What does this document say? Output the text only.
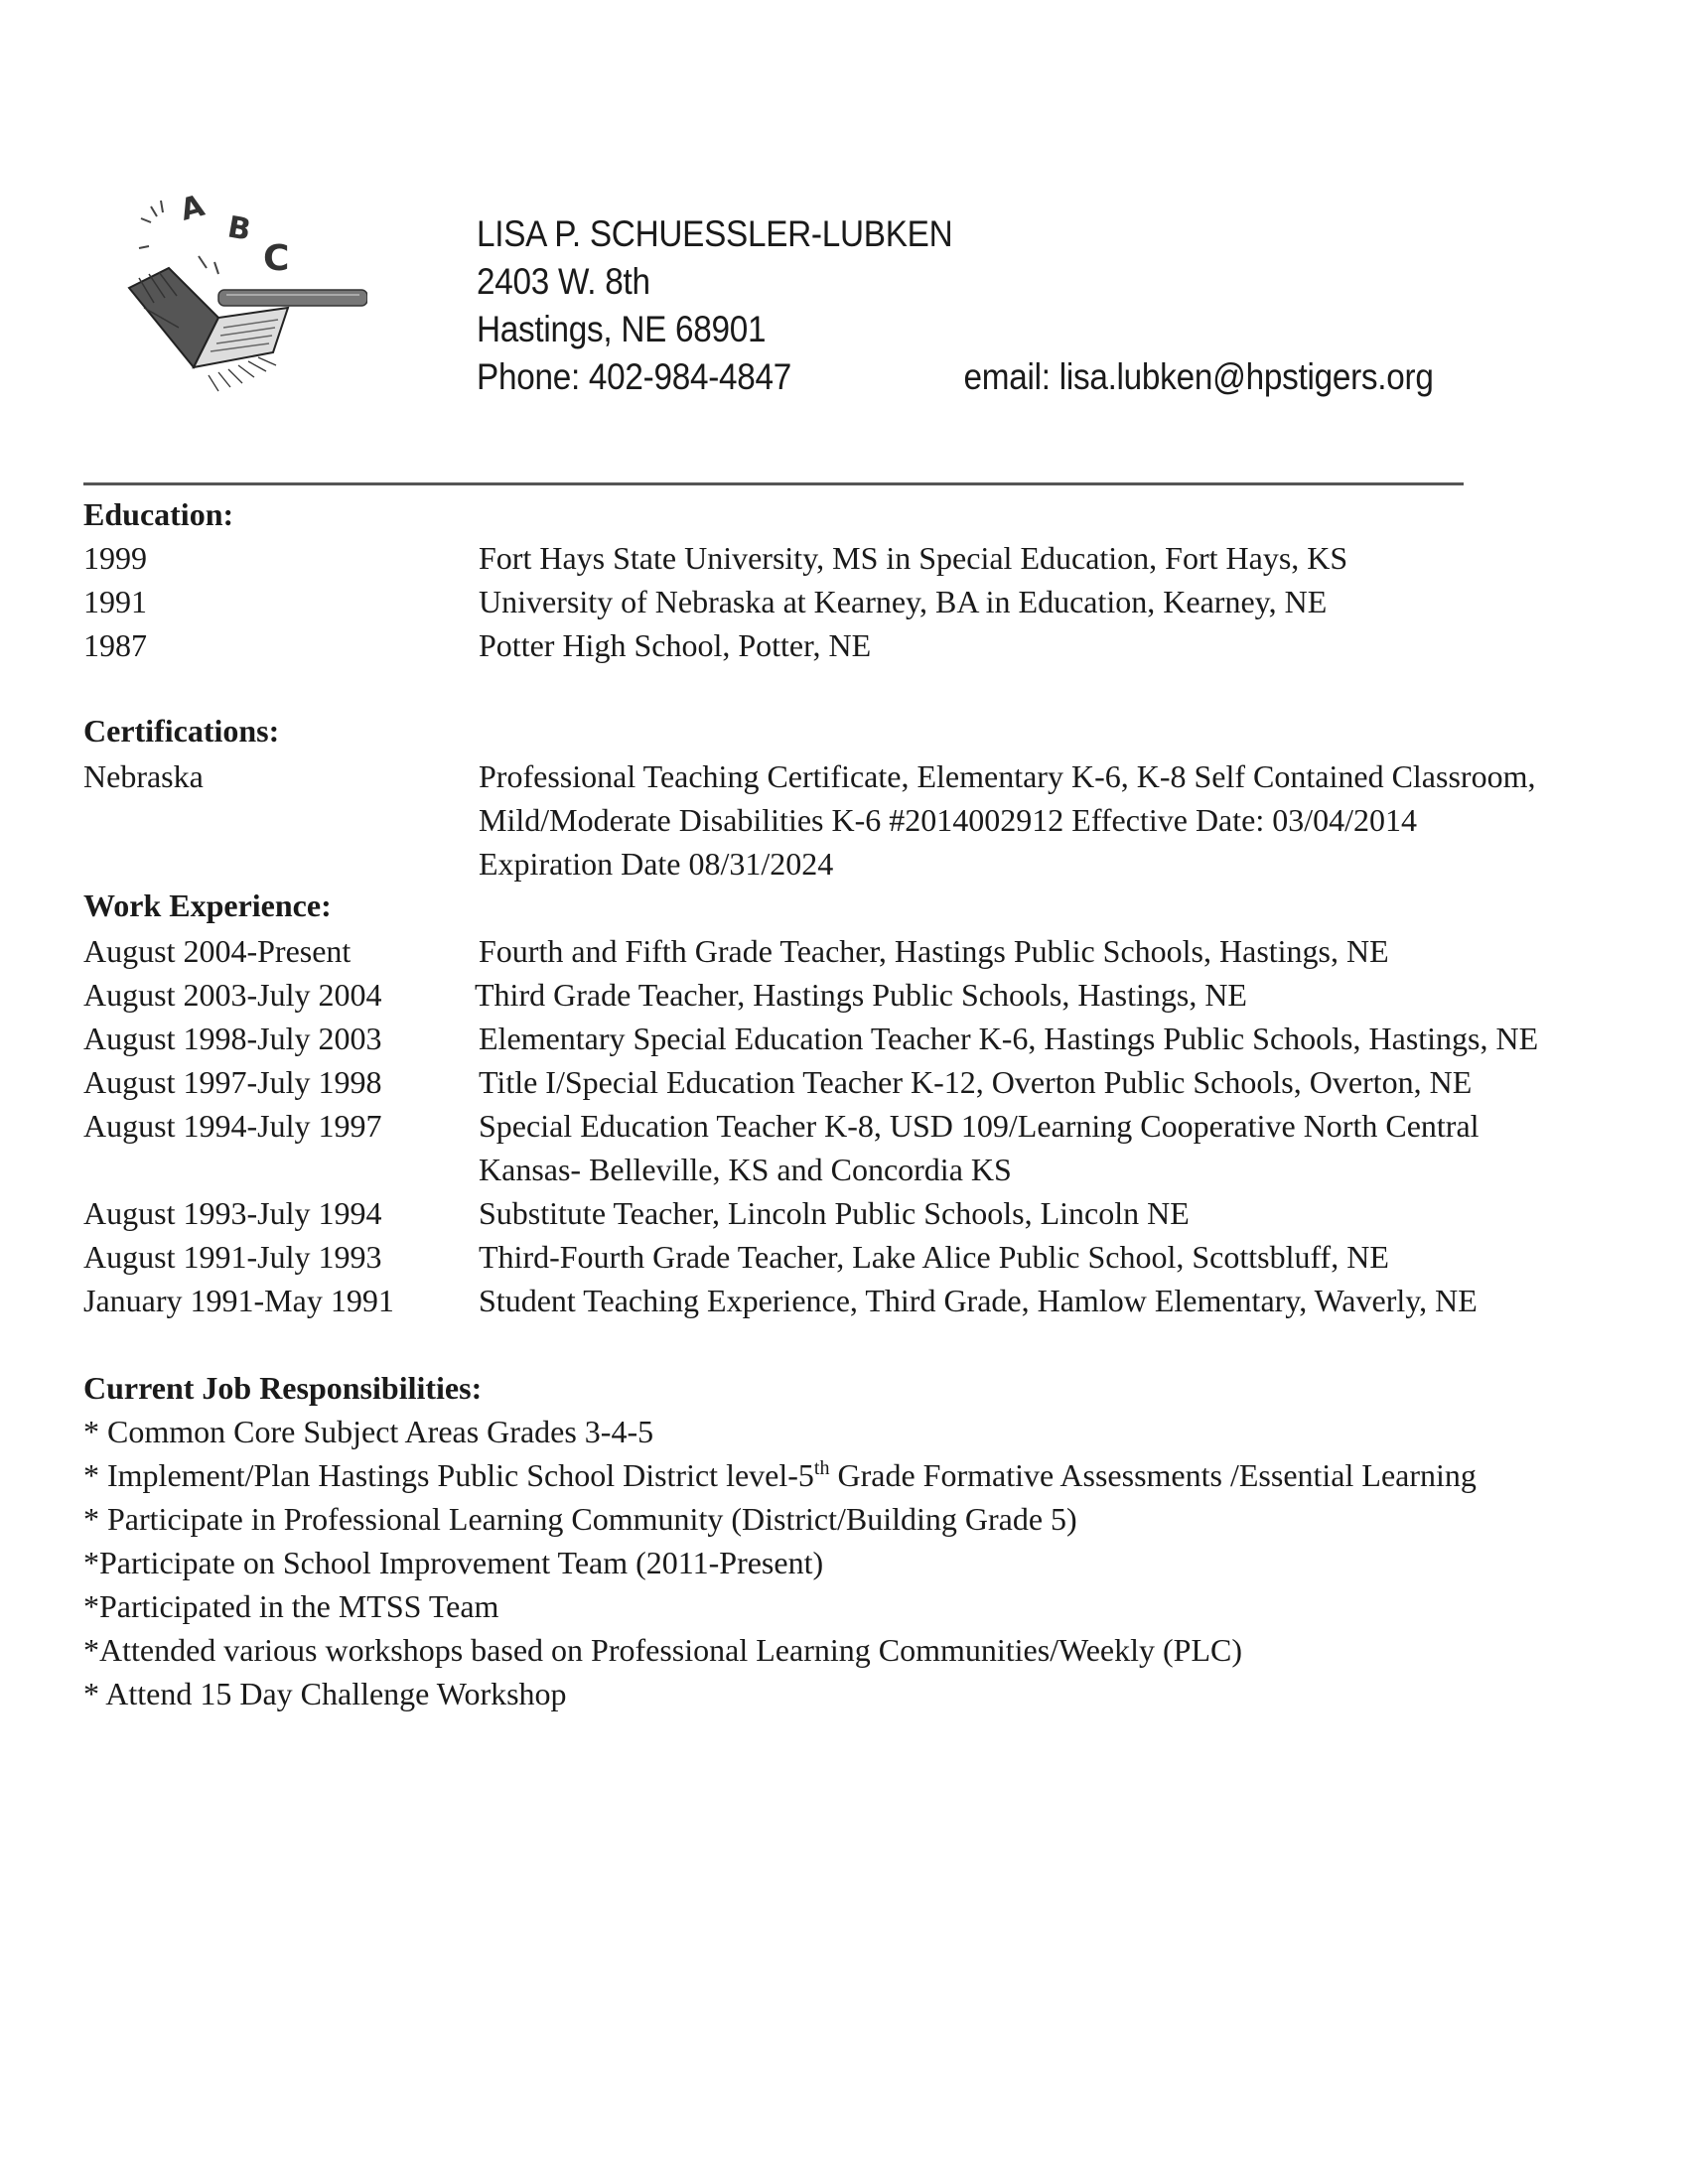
A
B
C
LISA P. SCHUESSLER-LUBKEN
2403 W. 8th
Hastings, NE 68901
Phone: 402-984-4847	email: lisa.lubken@hpstigers.org
Education:
1999	Fort Hays State University, MS in Special Education, Fort Hays, KS
1991	University of Nebraska at Kearney, BA in Education, Kearney, NE
1987	Potter High School, Potter, NE
Certifications:
Nebraska	Professional Teaching Certificate, Elementary K-6, K-8 Self Contained Classroom,
Mild/Moderate Disabilities K-6 #2014002912 Effective Date: 03/04/2014
Expiration Date 08/31/2024
Work Experience:
August 2004-Present	Fourth and Fifth Grade Teacher, Hastings Public Schools, Hastings, NE
August 2003-July 2004	Third Grade Teacher, Hastings Public Schools, Hastings, NE
August 1998-July 2003	Elementary Special Education Teacher K-6, Hastings Public Schools, Hastings, NE
August 1997-July 1998	Title I/Special Education Teacher K-12, Overton Public Schools, Overton, NE
August 1994-July 1997	Special Education Teacher K-8, USD 109/Learning Cooperative North Central
Kansas- Belleville, KS and Concordia KS
August 1993-July 1994	Substitute Teacher, Lincoln Public Schools, Lincoln NE
August 1991-July 1993	Third-Fourth Grade Teacher, Lake Alice Public School, Scottsbluff, NE
January 1991-May 1991	Student Teaching Experience, Third Grade, Hamlow Elementary, Waverly, NE
Current Job Responsibilities:
* Common Core Subject Areas Grades 3-4-5
* Implement/Plan Hastings Public School District level-5th Grade Formative Assessments /Essential Learning
* Participate in Professional Learning Community (District/Building Grade 5)
*Participate on School Improvement Team (2011-Present)
*Participated in the MTSS Team
*Attended various workshops based on Professional Learning Communities/Weekly (PLC)
* Attend 15 Day Challenge Workshop
